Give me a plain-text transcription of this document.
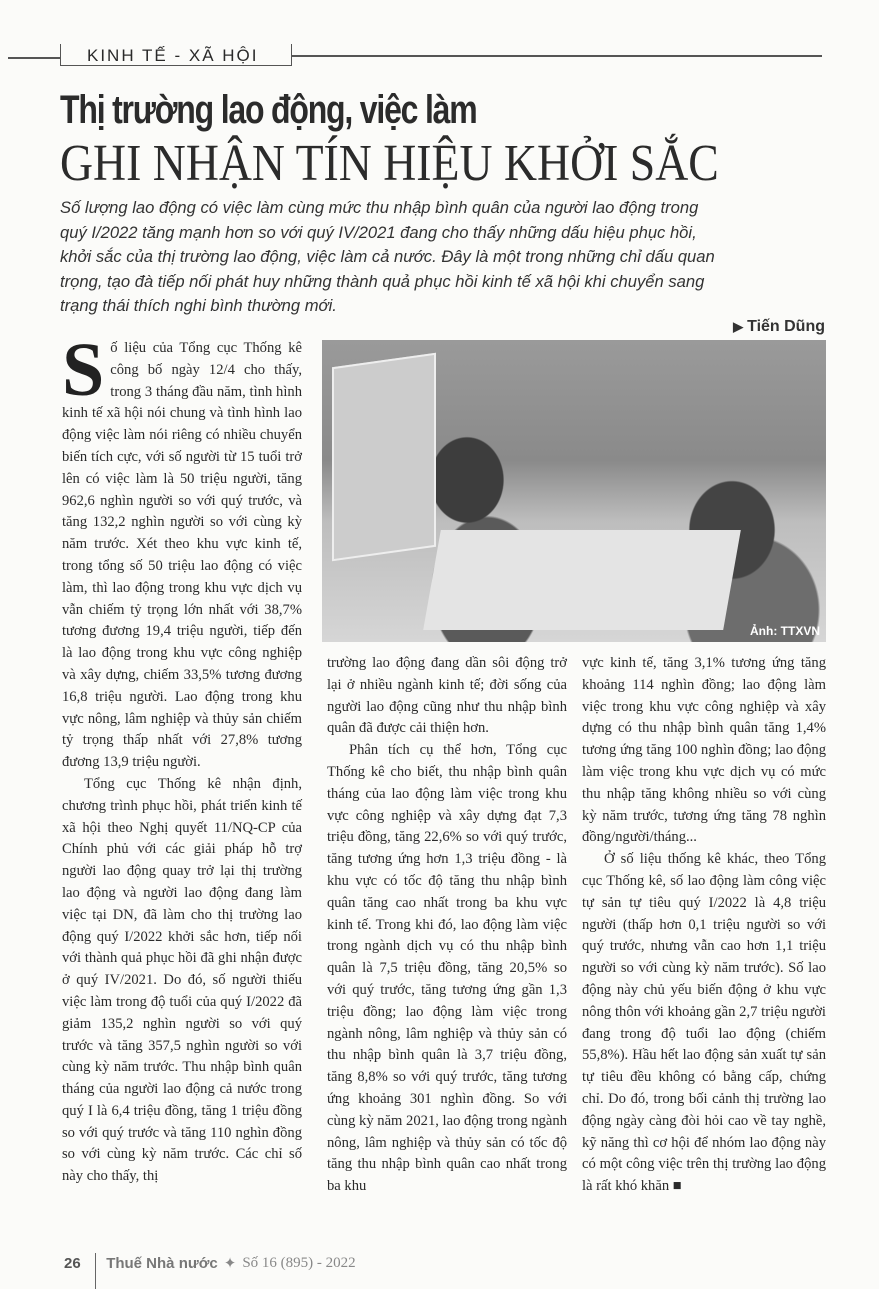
KINH TẾ - XÃ HỘI
Thị trường lao động, việc làm
GHI NHẬN TÍN HIỆU KHỞI SẮC
Số lượng lao động có việc làm cùng mức thu nhập bình quân của người lao động trong quý I/2022 tăng mạnh hơn so với quý IV/2021 đang cho thấy những dấu hiệu phục hồi, khởi sắc của thị trường lao động, việc làm cả nước. Đây là một trong những chỉ dấu quan trọng, tạo đà tiếp nối phát huy những thành quả phục hồi kinh tế xã hội khi chuyển sang trạng thái thích nghi bình thường mới.
▶ Tiến Dũng

Số liệu của Tổng cục Thống kê công bố ngày 12/4 cho thấy, trong 3 tháng đầu năm, tình hình kinh tế xã hội nói chung và tình hình lao động việc làm nói riêng có nhiều chuyển biến tích cực, với số người từ 15 tuổi trở lên có việc làm là 50 triệu người, tăng 962,6 nghìn người so với quý trước, và tăng 132,2 nghìn người so với cùng kỳ năm trước. Xét theo khu vực kinh tế, trong tổng số 50 triệu lao động có việc làm, thì lao động trong khu vực dịch vụ vẫn chiếm tỷ trọng lớn nhất với 38,7% tương đương 19,4 triệu người, tiếp đến là lao động trong khu vực công nghiệp và xây dựng, chiếm 33,5% tương đương 16,8 triệu người. Lao động trong khu vực nông, lâm nghiệp và thủy sản chiếm tỷ trọng thấp nhất với 27,8% tương đương 13,9 triệu người.

Tổng cục Thống kê nhận định, chương trình phục hồi, phát triển kinh tế xã hội theo Nghị quyết 11/NQ-CP của Chính phủ với các giải pháp hỗ trợ người lao động quay trở lại thị trường lao động và người lao động đang làm việc tại DN, đã làm cho thị trường lao động quý I/2022 khởi sắc hơn, tiếp nối với thành quả phục hồi đã ghi nhận được ở quý IV/2021. Do đó, số người thiếu việc làm trong độ tuổi của quý I/2022 đã giảm 135,2 nghìn người so với quý trước và tăng 357,5 nghìn người so với cùng kỳ năm trước. Thu nhập bình quân tháng của người lao động cả nước trong quý I là 6,4 triệu đồng, tăng 1 triệu đồng so với quý trước và tăng 110 nghìn đồng so với cùng kỳ năm trước. Các chỉ số này cho thấy, thị

Ảnh: TTXVN

trường lao động đang dần sôi động trở lại ở nhiều ngành kinh tế; đời sống của người lao động cũng như thu nhập bình quân đã được cải thiện hơn.

Phân tích cụ thể hơn, Tổng cục Thống kê cho biết, thu nhập bình quân tháng của lao động làm việc trong khu vực công nghiệp và xây dựng đạt 7,3 triệu đồng, tăng 22,6% so với quý trước, tăng tương ứng hơn 1,3 triệu đồng - là khu vực có tốc độ tăng thu nhập bình quân tăng cao nhất trong ba khu vực kinh tế. Trong khi đó, lao động làm việc trong ngành dịch vụ có thu nhập bình quân là 7,5 triệu đồng, tăng 20,5% so với quý trước, tăng tương ứng gần 1,3 triệu đồng; lao động làm việc trong ngành nông, lâm nghiệp và thủy sản có thu nhập bình quân là 3,7 triệu đồng, tăng 8,8% so với quý trước, tăng tương ứng khoảng 301 nghìn đồng. So với cùng kỳ năm 2021, lao động trong ngành nông, lâm nghiệp và thủy sản có tốc độ tăng thu nhập bình quân cao nhất trong ba khu

vực kinh tế, tăng 3,1% tương ứng tăng khoảng 114 nghìn đồng; lao động làm việc trong khu vực công nghiệp và xây dựng có thu nhập bình quân tăng 1,4% tương ứng tăng 100 nghìn đồng; lao động làm việc trong khu vực dịch vụ có mức thu nhập tăng không nhiều so với cùng kỳ năm trước, tương ứng tăng 78 nghìn đồng/người/tháng...

Ở số liệu thống kê khác, theo Tổng cục Thống kê, số lao động làm công việc tự sản tự tiêu quý I/2022 là 4,8 triệu người (thấp hơn 0,1 triệu người so với quý trước, nhưng vẫn cao hơn 1,1 triệu người so với cùng kỳ năm trước). Số lao động này chủ yếu biến động ở khu vực nông thôn với khoảng gần 2,7 triệu người đang trong độ tuổi lao động (chiếm 55,8%). Hầu hết lao động sản xuất tự sản tự tiêu đều không có bằng cấp, chứng chỉ. Do đó, trong bối cảnh thị trường lao động ngày càng đòi hỏi cao về tay nghề, kỹ năng thì cơ hội để nhóm lao động này có một công việc trên thị trường lao động là rất khó khăn ■

26 Thuế Nhà nước ✦ Số 16 (895) - 2022
